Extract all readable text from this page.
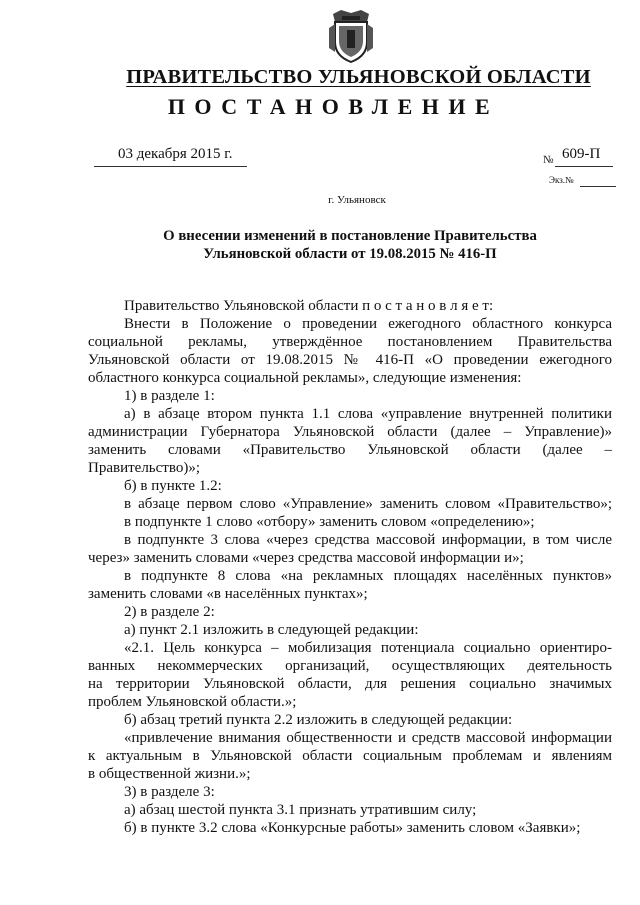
ПРАВИТЕЛЬСТВО УЛЬЯНОВСКОЙ ОБЛАСТИ
ПОСТАНОВЛЕНИЕ
03 декабря 2015 г.	№ 609-П
Экз.№
г. Ульяновск
О внесении изменений в постановление Правительства
Ульяновской области от 19.08.2015 № 416-П
Правительство Ульяновской области п о с т а н о в л я е т:
Внести в Положение о проведении ежегодного областного конкурса
социальной рекламы, утверждённое постановлением Правительства
Ульяновской области от 19.08.2015 № 416-П «О проведении ежегодного
областного конкурса социальной рекламы», следующие изменения:
1) в разделе 1:
а) в абзаце втором пункта 1.1 слова «управление внутренней политики
администрации Губернатора Ульяновской области (далее – Управление)»
заменить словами «Правительство Ульяновской области (далее –
Правительство)»;
б) в пункте 1.2:
в абзаце первом слово «Управление» заменить словом «Правительство»;
в подпункте 1 слово «отбору» заменить словом «определению»;
в подпункте 3 слова «через средства массовой информации, в том числе
через» заменить словами «через средства массовой информации и»;
в подпункте 8 слова «на рекламных площадях населённых пунктов»
заменить словами «в населённых пунктах»;
2) в разделе 2:
а) пункт 2.1 изложить в следующей редакции:
«2.1. Цель конкурса – мобилизация потенциала социально ориентиро-
ванных некоммерческих организаций, осуществляющих деятельность
на территории Ульяновской области, для решения социально значимых
проблем Ульяновской области.»;
б) абзац третий пункта 2.2 изложить в следующей редакции:
«привлечение внимания общественности и средств массовой информации
к актуальным в Ульяновской области социальным проблемам и явлениям
в общественной жизни.»;
3) в разделе 3:
а) абзац шестой пункта 3.1 признать утратившим силу;
б) в пункте 3.2 слова «Конкурсные работы» заменить словом «Заявки»;
